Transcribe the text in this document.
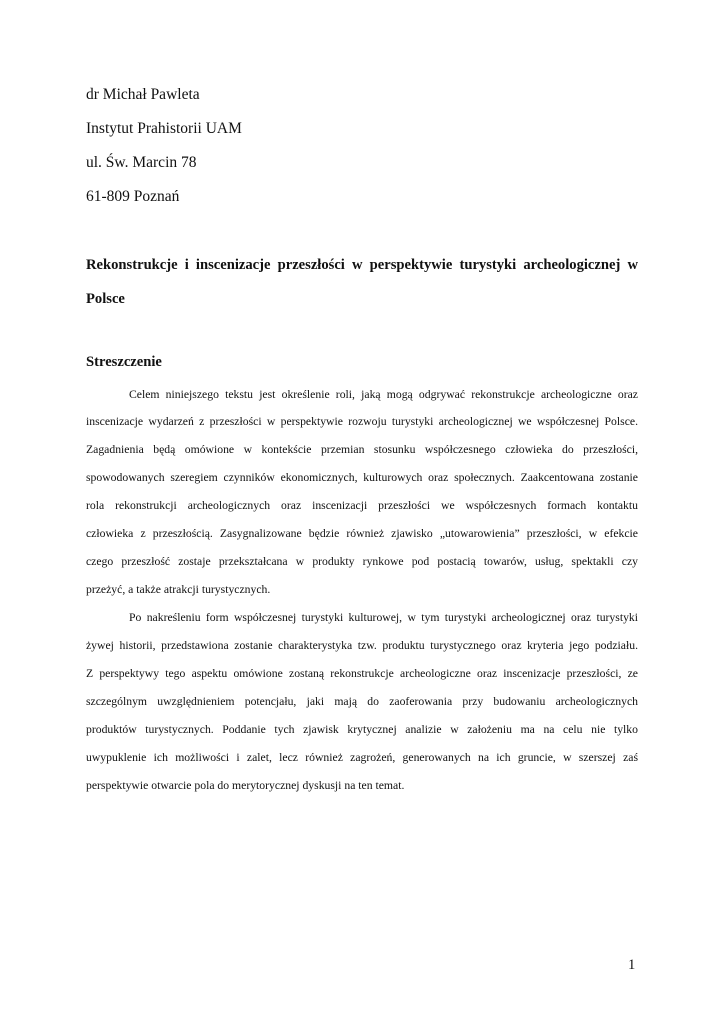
dr Michał Pawleta
Instytut Prahistorii UAM
ul. Św. Marcin 78
61-809 Poznań
Rekonstrukcje i inscenizacje przeszłości w perspektywie turystyki archeologicznej w
Polsce
Streszczenie
Celem niniejszego tekstu jest określenie roli, jaką mogą odgrywać rekonstrukcje archeologiczne oraz
inscenizacje wydarzeń z przeszłości w perspektywie rozwoju turystyki archeologicznej we współczesnej Polsce.
Zagadnienia będą omówione w kontekście przemian stosunku współczesnego człowieka do przeszłości,
spowodowanych szeregiem czynników ekonomicznych, kulturowych oraz społecznych. Zaakcentowana zostanie
rola rekonstrukcji archeologicznych oraz inscenizacji przeszłości we współczesnych formach kontaktu
człowieka z przeszłością. Zasygnalizowane będzie również zjawisko „utowarowienia” przeszłości, w efekcie
czego przeszłość zostaje przekształcana w produkty rynkowe pod postacią towarów, usług, spektakli czy
przeżyć, a także atrakcji turystycznych.
Po nakreśleniu form współczesnej turystyki kulturowej, w tym turystyki archeologicznej oraz turystyki
żywej historii, przedstawiona zostanie charakterystyka tzw. produktu turystycznego oraz kryteria jego podziału.
Z perspektywy tego aspektu omówione zostaną rekonstrukcje archeologiczne oraz inscenizacje przeszłości, ze
szczególnym uwzględnieniem potencjału, jaki mają do zaoferowania przy budowaniu archeologicznych
produktów turystycznych. Poddanie tych zjawisk krytycznej analizie w założeniu ma na celu nie tylko
uwypuklenie ich możliwości i zalet, lecz również zagrożeń, generowanych na ich gruncie, w szerszej zaś
perspektywie otwarcie pola do merytorycznej dyskusji na ten temat.
1
